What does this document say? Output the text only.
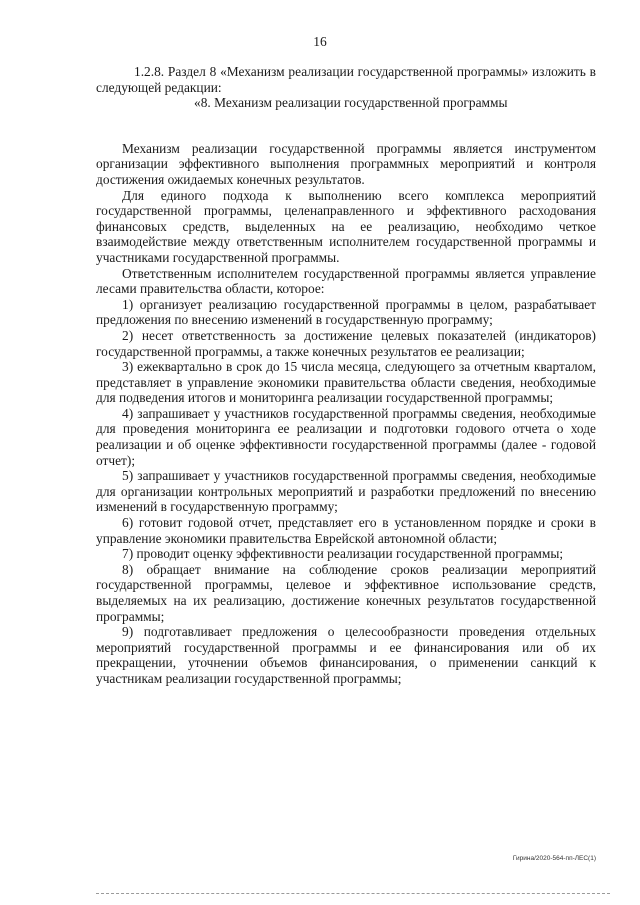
16

1.2.8. Раздел 8 «Механизм реализации государственной программы» изложить в следующей редакции:

«8. Механизм реализации государственной программы

Механизм реализации государственной программы является инструментом организации эффективного выполнения программных мероприятий и контроля достижения ожидаемых конечных результатов.

Для единого подхода к выполнению всего комплекса мероприятий государственной программы, целенаправленного и эффективного расходования финансовых средств, выделенных на ее реализацию, необходимо четкое взаимодействие между ответственным исполнителем государственной программы и участниками государственной программы.

Ответственным исполнителем государственной программы является управление лесами правительства области, которое:

1) организует реализацию государственной программы в целом, разрабатывает предложения по внесению изменений в государственную программу;

2) несет ответственность за достижение целевых показателей (индикаторов) государственной программы, а также конечных результатов ее реализации;

3) ежеквартально в срок до 15 числа месяца, следующего за отчетным кварталом, представляет в управление экономики правительства области сведения, необходимые для подведения итогов и мониторинга реализации государственной программы;

4) запрашивает у участников государственной программы сведения, необходимые для проведения мониторинга ее реализации и подготовки годового отчета о ходе реализации и об оценке эффективности государственной программы (далее - годовой отчет);

5) запрашивает у участников государственной программы сведения, необходимые для организации контрольных мероприятий и разработки предложений по внесению изменений в государственную программу;

6) готовит годовой отчет, представляет его в установленном порядке и сроки в управление экономики правительства Еврейской автономной области;

7) проводит оценку эффективности реализации государственной программы;

8) обращает внимание на соблюдение сроков реализации мероприятий государственной программы, целевое и эффективное использование средств, выделяемых на их реализацию, достижение конечных результатов государственной программы;

9) подготавливает предложения о целесообразности проведения отдельных мероприятий государственной программы и ее финансирования или об их прекращении, уточнении объемов финансирования, о применении санкций к участникам реализации государственной программы;

Гирина/2020-564-пп-ЛЕС(1)
